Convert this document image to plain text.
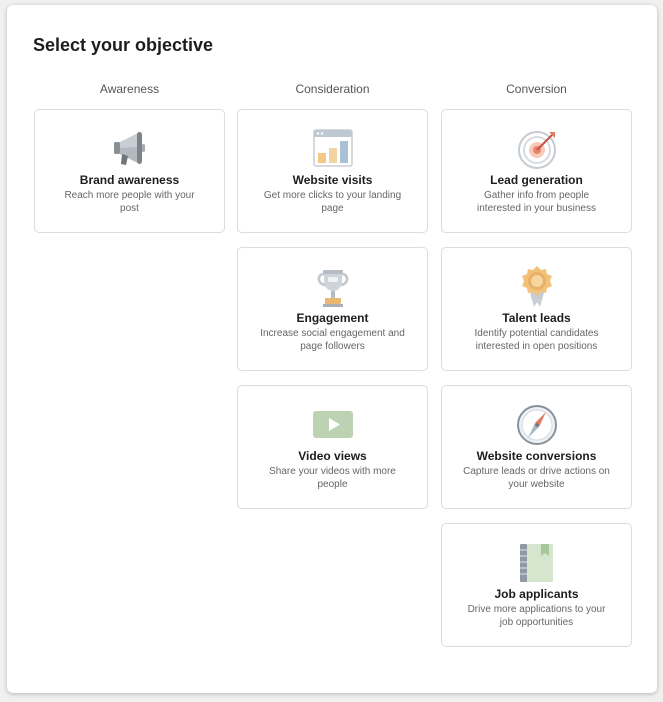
Select your objective
Awareness	Consideration	Conversion
Brand awareness
Reach more people with your post
Website visits
Get more clicks to your landing page
Lead generation
Gather info from people interested in your business
Engagement
Increase social engagement and page followers
Talent leads
Identify potential candidates interested in open positions
Video views
Share your videos with more people
Website conversions
Capture leads or drive actions on your website
Job applicants
Drive more applications to your job opportunities
